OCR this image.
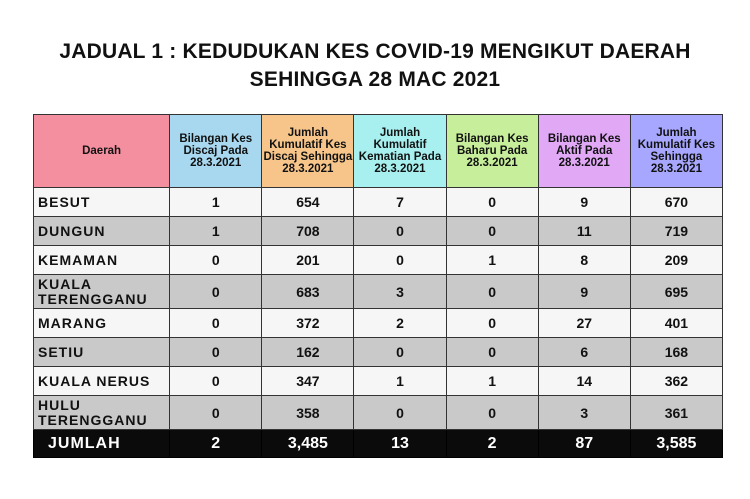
JADUAL 1 : KEDUDUKAN KES COVID-19 MENGIKUT DAERAH
SEHINGGA 28 MAC 2021
Daerah	Bilangan Kes Discaj Pada 28.3.2021	Jumlah Kumulatif Kes Discaj Sehingga 28.3.2021	Jumlah Kumulatif Kematian Pada 28.3.2021	Bilangan Kes Baharu Pada 28.3.2021	Bilangan Kes Aktif Pada 28.3.2021	Jumlah Kumulatif Kes Sehingga 28.3.2021
BESUT	1	654	7	0	9	670
DUNGUN	1	708	0	0	11	719
KEMAMAN	0	201	0	1	8	209
KUALA TERENGGANU	0	683	3	0	9	695
MARANG	0	372	2	0	27	401
SETIU	0	162	0	0	6	168
KUALA NERUS	0	347	1	1	14	362
HULU TERENGGANU	0	358	0	0	3	361
JUMLAH	2	3,485	13	2	87	3,585
